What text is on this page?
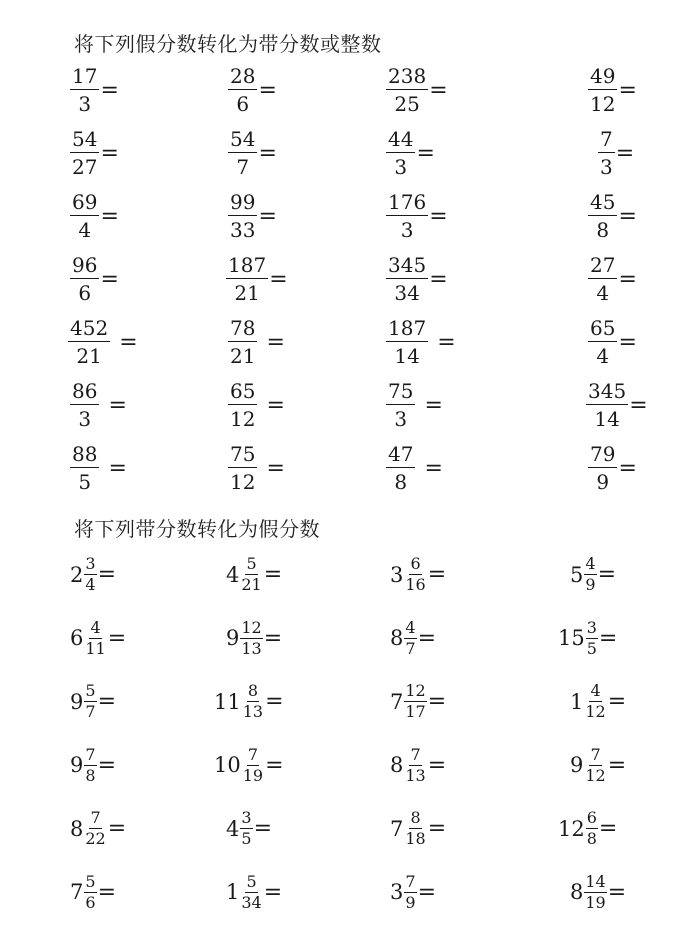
将下列假分数转化为带分数或整数
$\frac{17}{3}$ =	$\frac{28}{6}$ =	$\frac{238}{25}$ =	$\frac{49}{12}$ =
$\frac{54}{27}$ =	$\frac{54}{7}$ =	$\frac{44}{3}$ =	$\frac{7}{3}$ =
$\frac{69}{4}$ =	$\frac{99}{33}$ =	$\frac{176}{3}$ =	$\frac{45}{8}$ =
$\frac{96}{6}$ =	$\frac{187}{21}$ =	$\frac{345}{34}$ =	$\frac{27}{4}$ =
$\frac{452}{21}$ =	$\frac{78}{21}$ =	$\frac{187}{14}$ =	$\frac{65}{4}$ =
$\frac{86}{3}$ =	$\frac{65}{12}$ =	$\frac{75}{3}$ =	$\frac{345}{14}$ =
$\frac{88}{5}$ =	$\frac{75}{12}$ =	$\frac{47}{8}$ =	$\frac{79}{9}$ =
将下列带分数转化为假分数
$2 \frac{3}{4}$ =	$4 \frac{5}{21}$ =	$3 \frac{6}{16}$ =	$5 \frac{4}{9}$ =
$6 \frac{4}{11}$ =	$9 \frac{12}{13}$ =	$8 \frac{4}{7}$ =	$15 \frac{3}{5}$ =
$9 \frac{5}{7}$ =	$11 \frac{8}{13}$ =	$7 \frac{12}{17}$ =	$1 \frac{4}{12}$ =
$9 \frac{7}{8}$ =	$10 \frac{7}{19}$ =	$8 \frac{7}{13}$ =	$9 \frac{7}{12}$ =
$8 \frac{7}{22}$ =	$4 \frac{3}{5}$ =	$7 \frac{8}{18}$ =	$12 \frac{6}{8}$ =
$7 \frac{5}{6}$ =	$1 \frac{5}{34}$ =	$3 \frac{7}{9}$ =	$8 \frac{14}{19}$ =
